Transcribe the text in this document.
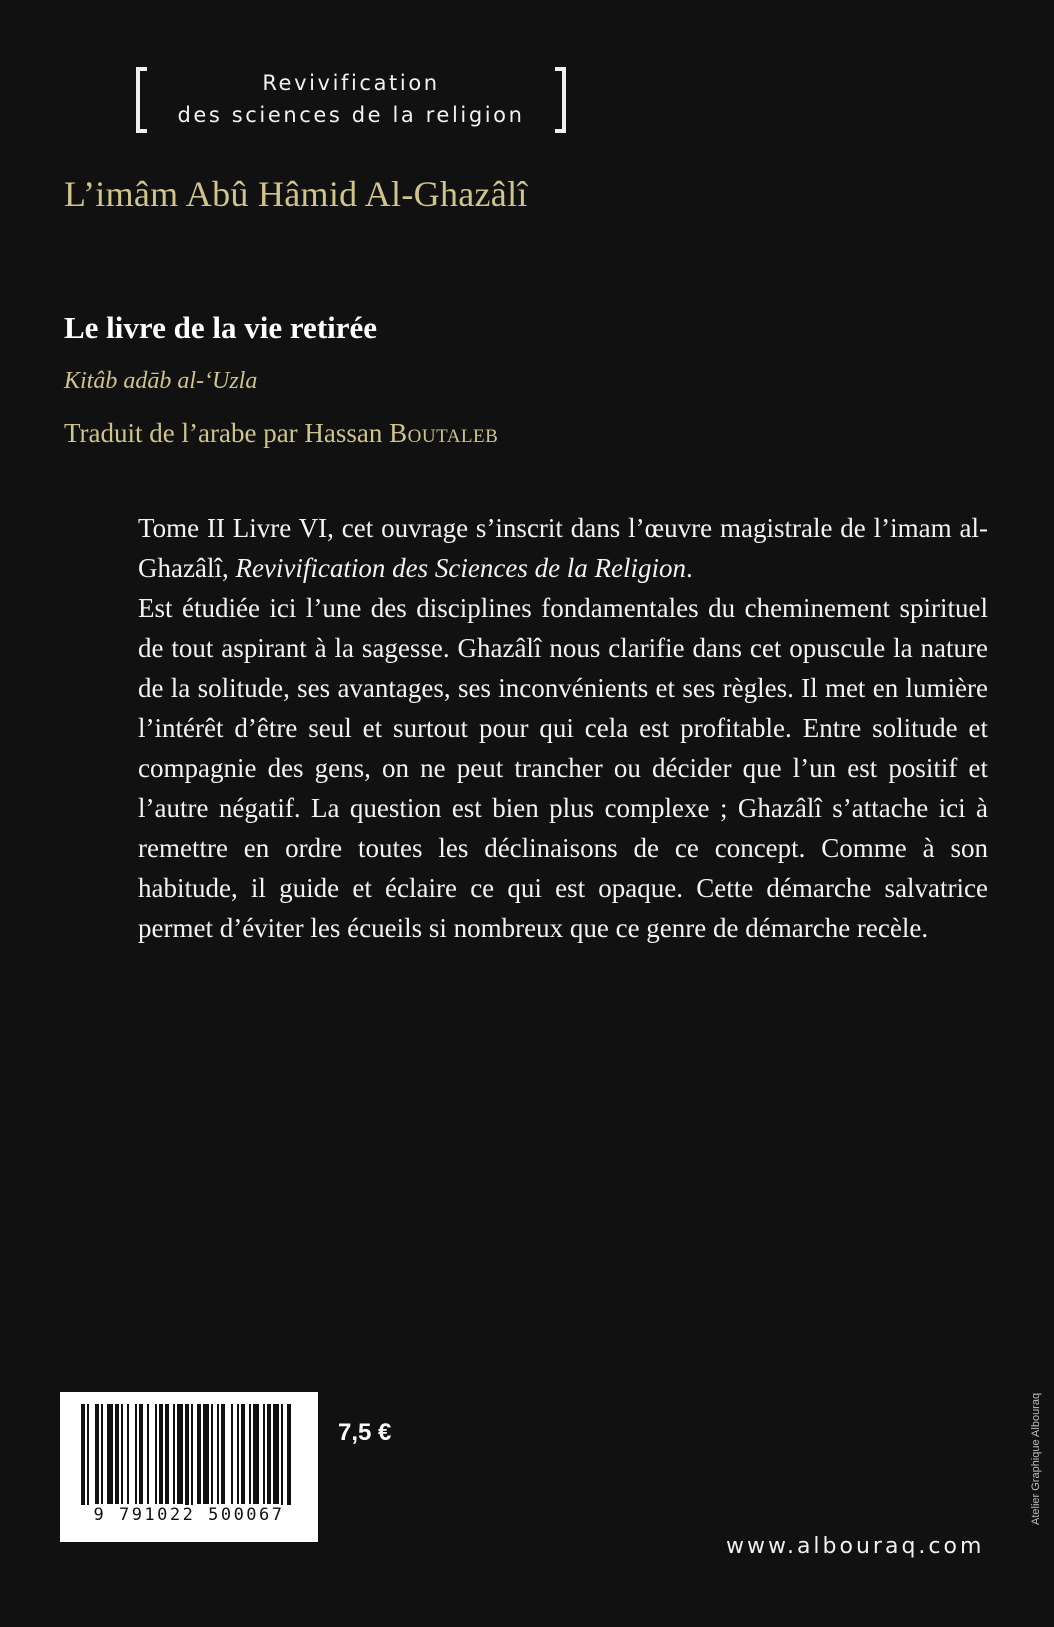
Revivification
des sciences de la religion
L’imâm Abû Hâmid Al-Ghazâlî
Le livre de la vie retirée
Kitâb adāb al-‘Uzla
Traduit de l’arabe par Hassan Boutaleb

Tome II Livre VI, cet ouvrage s’inscrit dans l’œuvre magistrale de l’imam al-Ghazâlî, Revivification des Sciences de la Religion.

Est étudiée ici l’une des disciplines fondamentales du cheminement spirituel de tout aspirant à la sagesse. Ghazâlî nous clarifie dans cet opuscule la nature de la solitude, ses avantages, ses inconvénients et ses règles. Il met en lumière l’intérêt d’être seul et surtout pour qui cela est profitable. Entre solitude et compagnie des gens, on ne peut trancher ou décider que l’un est positif et l’autre négatif. La question est bien plus complexe ; Ghazâlî s’attache ici à remettre en ordre toutes les déclinaisons de ce concept. Comme à son habitude, il guide et éclaire ce qui est opaque. Cette démarche salvatrice permet d’éviter les écueils si nombreux que ce genre de démarche recèle.

9 791022 500067
7,5 €
www.albouraq.com
Atelier Graphique Albouraq
